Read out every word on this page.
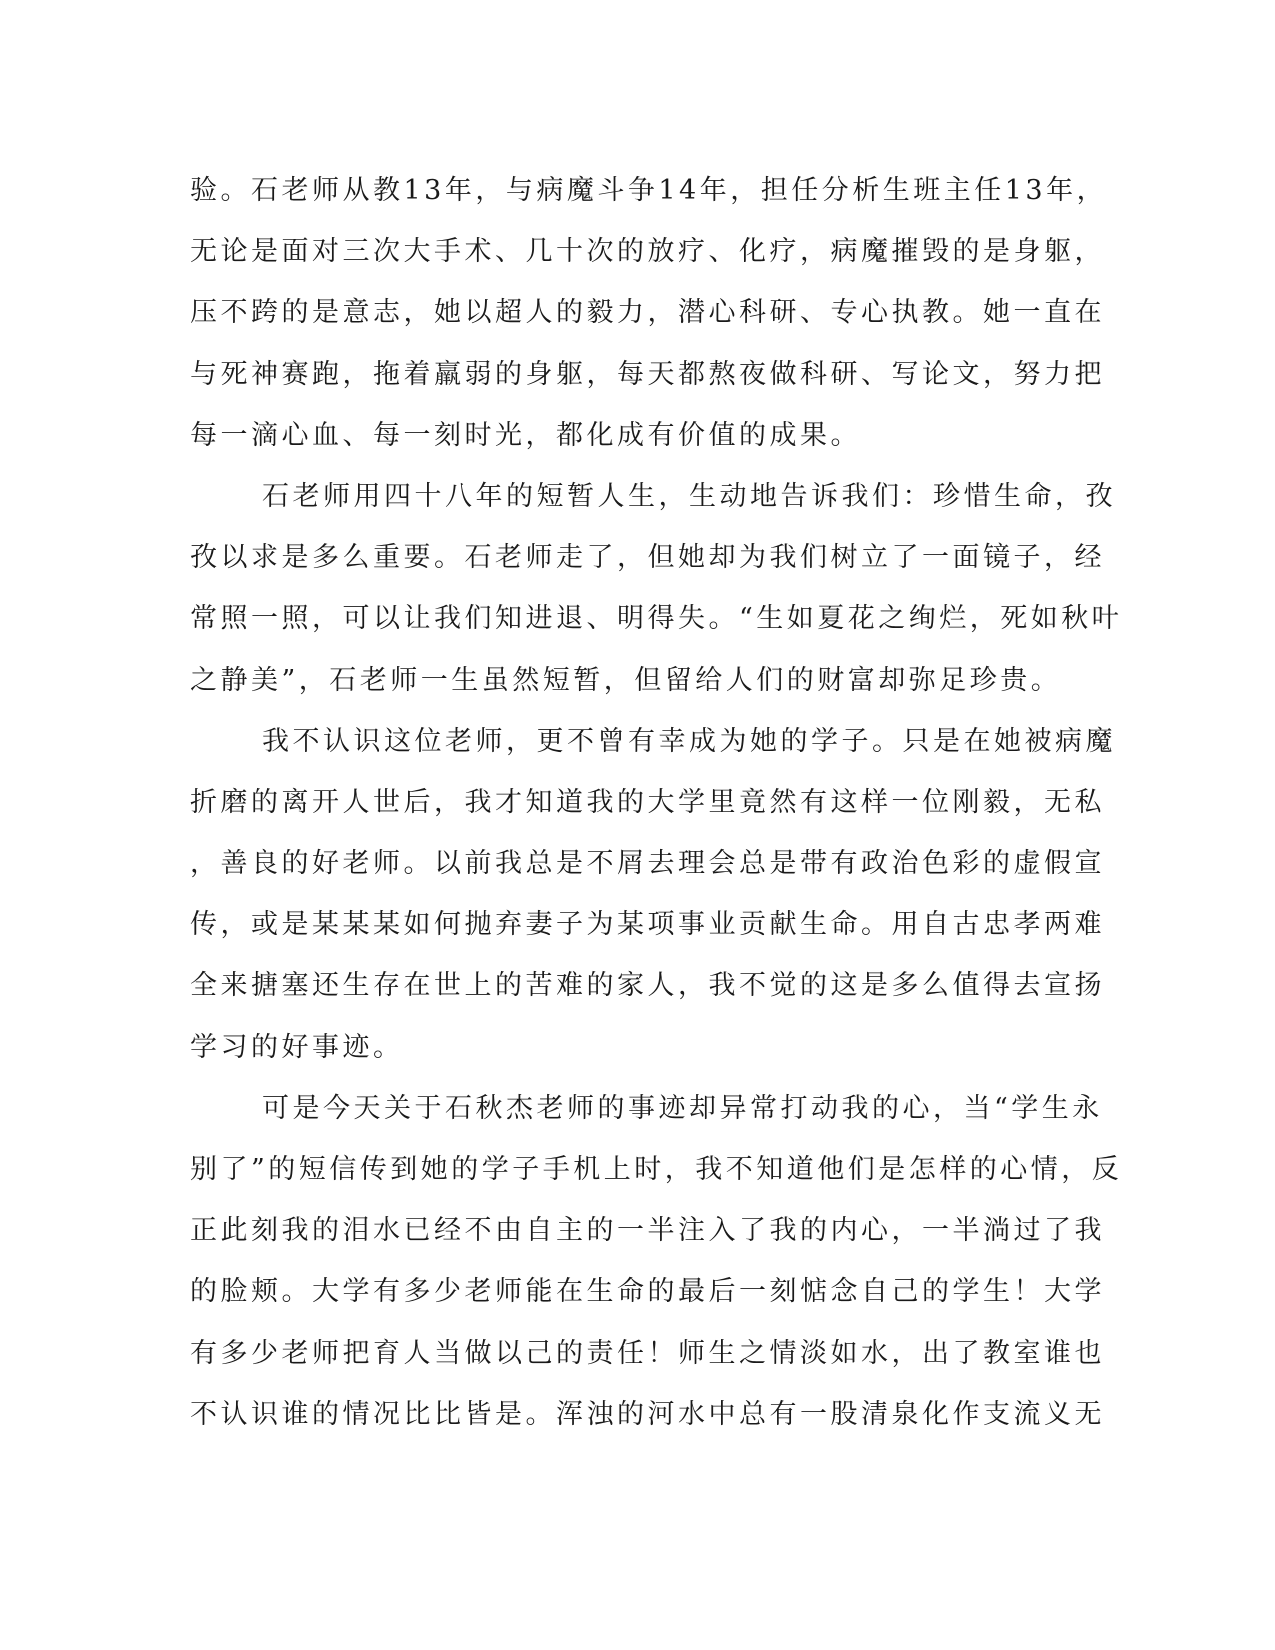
验。石老师从教13年，与病魔斗争14年，担任分析生班主任13年，

无论是面对三次大手术、几十次的放疗、化疗，病魔摧毁的是身躯，

压不跨的是意志，她以超人的毅力，潜心科研、专心执教。她一直在

与死神赛跑，拖着羸弱的身躯，每天都熬夜做科研、写论文，努力把

每一滴心血、每一刻时光，都化成有价值的成果。

石老师用四十八年的短暂人生，生动地告诉我们：珍惜生命，孜

孜以求是多么重要。石老师走了，但她却为我们树立了一面镜子，经

常照一照，可以让我们知进退、明得失。“生如夏花之绚烂，死如秋叶

之静美”，石老师一生虽然短暂，但留给人们的财富却弥足珍贵。

我不认识这位老师，更不曾有幸成为她的学子。只是在她被病魔

折磨的离开人世后，我才知道我的大学里竟然有这样一位刚毅，无私

，善良的好老师。以前我总是不屑去理会总是带有政治色彩的虚假宣

传，或是某某某如何抛弃妻子为某项事业贡献生命。用自古忠孝两难

全来搪塞还生存在世上的苦难的家人，我不觉的这是多么值得去宣扬

学习的好事迹。

可是今天关于石秋杰老师的事迹却异常打动我的心，当“学生永

别了”的短信传到她的学子手机上时，我不知道他们是怎样的心情，反

正此刻我的泪水已经不由自主的一半注入了我的内心，一半淌过了我

的脸颊。大学有多少老师能在生命的最后一刻惦念自己的学生！大学

有多少老师把育人当做以己的责任！师生之情淡如水，出了教室谁也

不认识谁的情况比比皆是。浑浊的河水中总有一股清泉化作支流义无
